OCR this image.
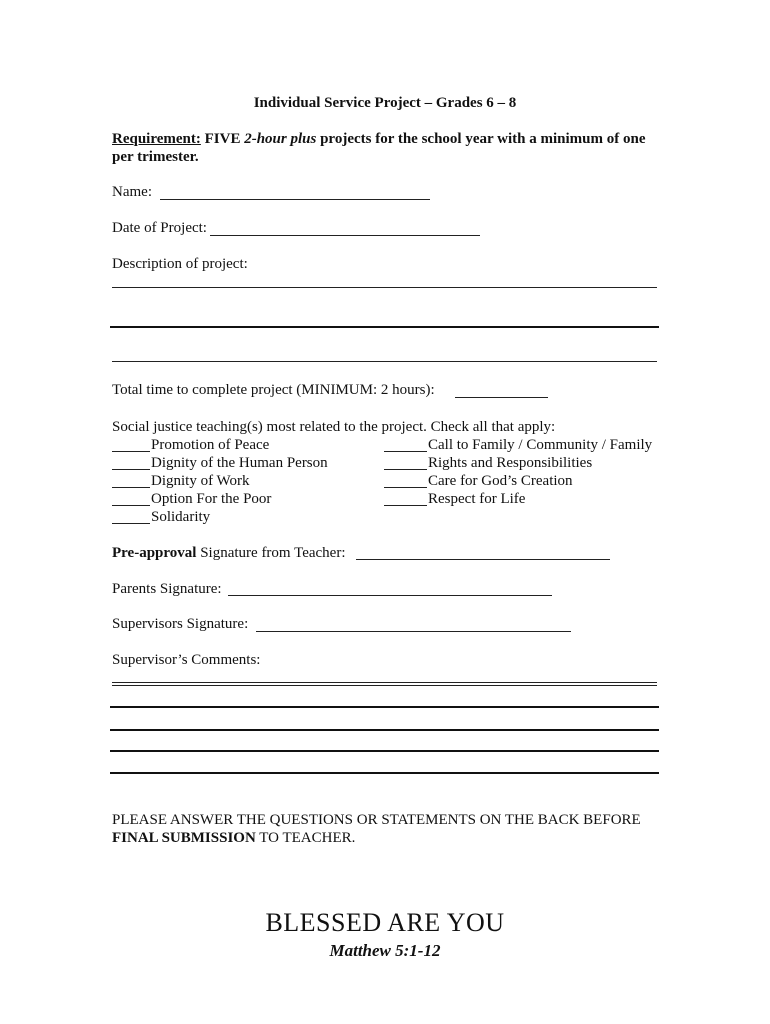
Individual Service Project – Grades 6 – 8
Requirement: FIVE 2-hour plus projects for the school year with a minimum of one
per trimester.
Name:
Date of Project:
Description of project:
Total time to complete project (MINIMUM: 2 hours):
Social justice teaching(s) most related to the project. Check all that apply:
Promotion of Peace
Dignity of the Human Person
Dignity of Work
Option For the Poor
Solidarity
Call to Family / Community / Family
Rights and Responsibilities
Care for God’s Creation
Respect for Life
Pre-approval Signature from Teacher:
Parents Signature:
Supervisors Signature:
Supervisor’s Comments:
PLEASE ANSWER THE QUESTIONS OR STATEMENTS ON THE BACK BEFORE
FINAL SUBMISSION TO TEACHER.
BLESSED ARE YOU
Matthew 5:1-12
